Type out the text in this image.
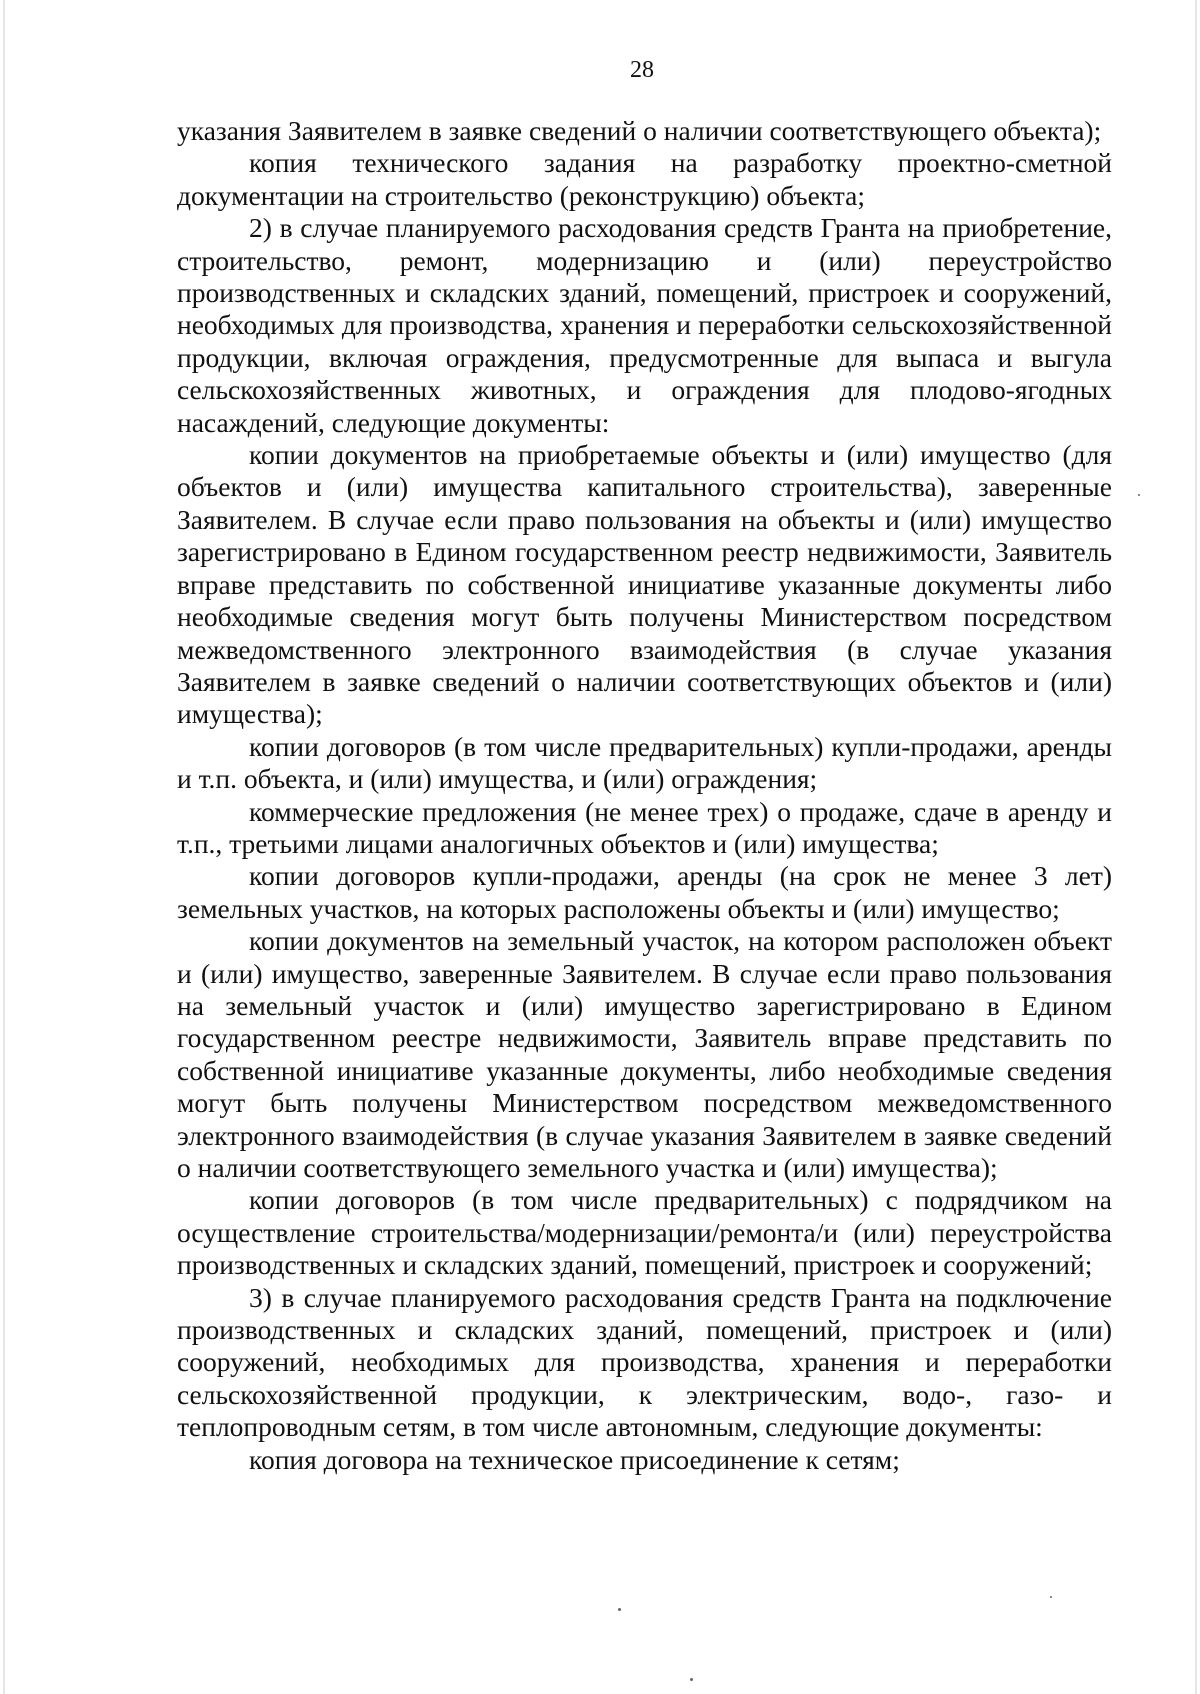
28

указания Заявителем в заявке сведений о наличии соответствующего объекта);

копия технического задания на разработку проектно-сметной документации на строительство (реконструкцию) объекта;

2) в случае планируемого расходования средств Гранта на приобретение, строительство, ремонт, модернизацию и (или) переустройство производственных и складских зданий, помещений, пристроек и сооружений, необходимых для производства, хранения и переработки сельскохозяйственной продукции, включая ограждения, предусмотренные для выпаса и выгула сельскохозяйственных животных, и ограждения для плодово-ягодных насаждений, следующие документы:

копии документов на приобретаемые объекты и (или) имущество (для объектов и (или) имущества капитального строительства), заверенные Заявителем. В случае если право пользования на объекты и (или) имущество зарегистрировано в Едином государственном реестр недвижимости, Заявитель вправе представить по собственной инициативе указанные документы либо необходимые сведения могут быть получены Министерством посредством межведомственного электронного взаимодействия (в случае указания Заявителем в заявке сведений о наличии соответствующих объектов и (или) имущества);

копии договоров (в том числе предварительных) купли-продажи, аренды и т.п. объекта, и (или) имущества, и (или) ограждения;

коммерческие предложения (не менее трех) о продаже, сдаче в аренду и т.п., третьими лицами аналогичных объектов и (или) имущества;

копии договоров купли-продажи, аренды (на срок не менее 3 лет) земельных участков, на которых расположены объекты и (или) имущество;

копии документов на земельный участок, на котором расположен объект и (или) имущество, заверенные Заявителем. В случае если право пользования на земельный участок и (или) имущество зарегистрировано в Едином государственном реестре недвижимости, Заявитель вправе представить по собственной инициативе указанные документы, либо необходимые сведения могут быть получены Министерством посредством межведомственного электронного взаимодействия (в случае указания Заявителем в заявке сведений о наличии соответствующего земельного участка и (или) имущества);

копии договоров (в том числе предварительных) с подрядчиком на осуществление строительства/модернизации/ремонта/и (или) переустройства производственных и складских зданий, помещений, пристроек и сооружений;

3) в случае планируемого расходования средств Гранта на подключение производственных и складских зданий, помещений, пристроек и (или) сооружений, необходимых для производства, хранения и переработки сельскохозяйственной продукции, к электрическим, водо-, газо- и теплопроводным сетям, в том числе автономным, следующие документы:

копия договора на техническое присоединение к сетям;
